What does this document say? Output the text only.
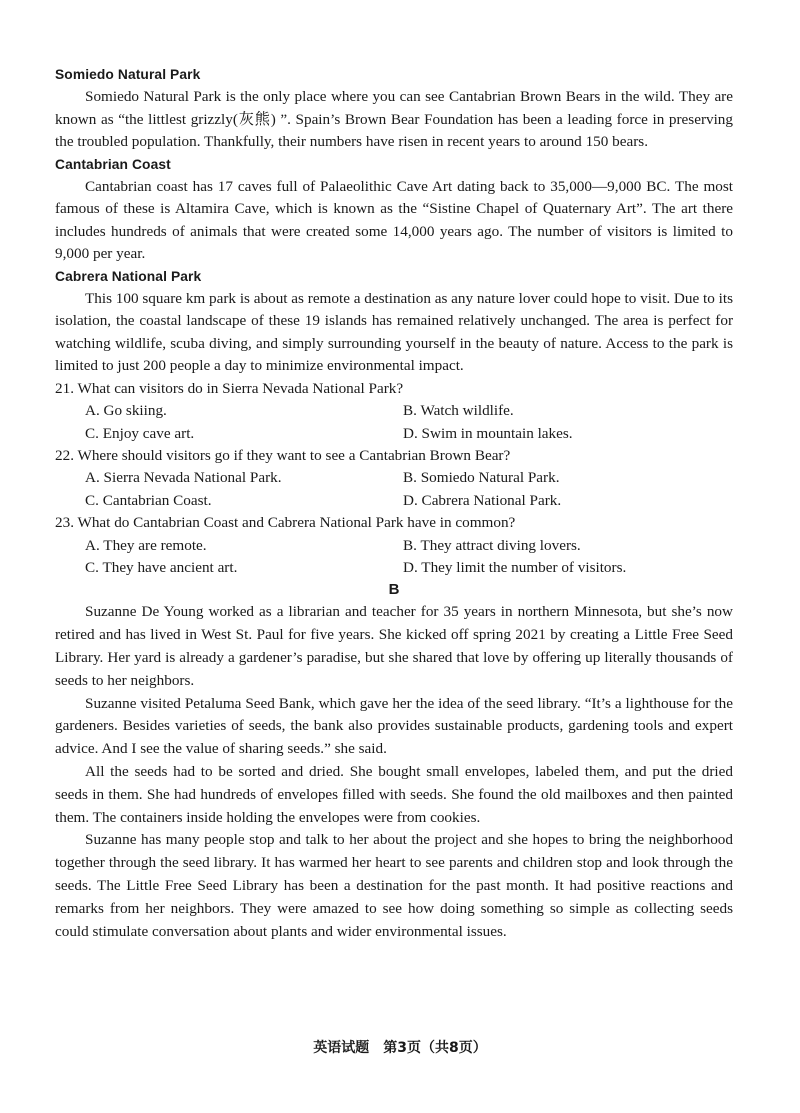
Somiedo Natural Park

Somiedo Natural Park is the only place where you can see Cantabrian Brown Bears in the wild. They are known as “the littlest grizzly(灰熊) ”. Spain’s Brown Bear Foundation has been a leading force in preserving the troubled population. Thankfully, their numbers have risen in recent years to around 150 bears.

Cantabrian Coast

Cantabrian coast has 17 caves full of Palaeolithic Cave Art dating back to 35,000—9,000 BC. The most famous of these is Altamira Cave, which is known as the “Sistine Chapel of Quaternary Art”. The art there includes hundreds of animals that were created some 14,000 years ago. The number of visitors is limited to 9,000 per year.

Cabrera National Park

This 100 square km park is about as remote a destination as any nature lover could hope to visit. Due to its isolation, the coastal landscape of these 19 islands has remained relatively unchanged. The area is perfect for watching wildlife, scuba diving, and simply surrounding yourself in the beauty of nature. Access to the park is limited to just 200 people a day to minimize environmental impact.

21. What can visitors do in Sierra Nevada National Park?
A. Go skiing.	B. Watch wildlife.
C. Enjoy cave art.	D. Swim in mountain lakes.
22. Where should visitors go if they want to see a Cantabrian Brown Bear?
A. Sierra Nevada National Park.	B. Somiedo Natural Park.
C. Cantabrian Coast.	D. Cabrera National Park.
23. What do Cantabrian Coast and Cabrera National Park have in common?
A. They are remote.	B. They attract diving lovers.
C. They have ancient art.	D. They limit the number of visitors.
B

Suzanne De Young worked as a librarian and teacher for 35 years in northern Minnesota, but she’s now retired and has lived in West St. Paul for five years. She kicked off spring 2021 by creating a Little Free Seed Library. Her yard is already a gardener’s paradise, but she shared that love by offering up literally thousands of seeds to her neighbors.

Suzanne visited Petaluma Seed Bank, which gave her the idea of the seed library. “It’s a lighthouse for the gardeners. Besides varieties of seeds, the bank also provides sustainable products, gardening tools and expert advice. And I see the value of sharing seeds.” she said.

All the seeds had to be sorted and dried. She bought small envelopes, labeled them, and put the dried seeds in them. She had hundreds of envelopes filled with seeds. She found the old mailboxes and then painted them. The containers inside holding the envelopes were from cookies.

Suzanne has many people stop and talk to her about the project and she hopes to bring the neighborhood together through the seed library. It has warmed her heart to see parents and children stop and look through the seeds. The Little Free Seed Library has been a destination for the past month. It had positive reactions and remarks from her neighbors. They were amazed to see how doing something so simple as collecting seeds could stimulate conversation about plants and wider environmental issues.

英语试题　第3页（共8页）
